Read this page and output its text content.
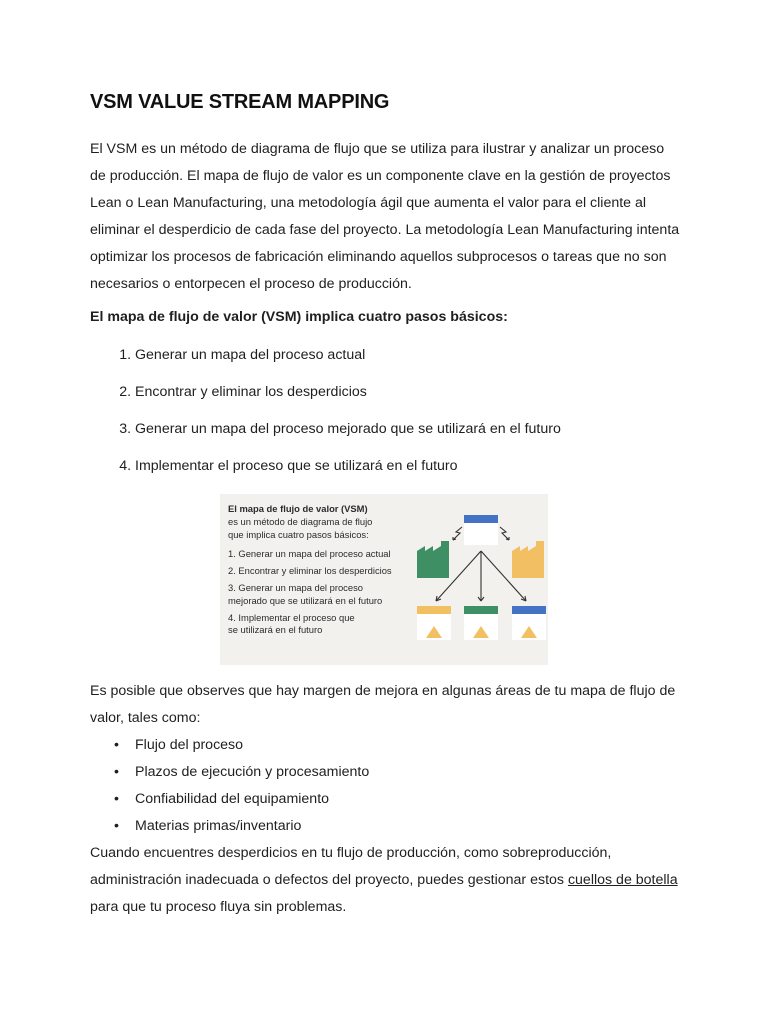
VSM VALUE STREAM MAPPING

El VSM es un método de diagrama de flujo que se utiliza para ilustrar y analizar un proceso de producción. El mapa de flujo de valor es un componente clave en la gestión de proyectos Lean o Lean Manufacturing, una metodología ágil que aumenta el valor para el cliente al eliminar el desperdicio de cada fase del proyecto. La metodología Lean Manufacturing intenta optimizar los procesos de fabricación eliminando aquellos subprocesos o tareas que no son necesarios o entorpecen el proceso de producción.

El mapa de flujo de valor (VSM) implica cuatro pasos básicos:

1. Generar un mapa del proceso actual
2. Encontrar y eliminar los desperdicios
3. Generar un mapa del proceso mejorado que se utilizará en el futuro
4. Implementar el proceso que se utilizará en el futuro
El mapa de flujo de valor (VSM)
es un método de diagrama de flujo
que implica cuatro pasos básicos:
1. Generar un mapa del proceso actual
2. Encontrar y eliminar los desperdicios
3. Generar un mapa del proceso
mejorado que se utilizará en el futuro
4. Implementar el proceso que
se utilizará en el futuro

Es posible que observes que hay margen de mejora en algunas áreas de tu mapa de flujo de valor, tales como:

•	Flujo del proceso
•	Plazos de ejecución y procesamiento
•	Confiabilidad del equipamiento
•	Materias primas/inventario

Cuando encuentres desperdicios en tu flujo de producción, como sobreproducción, administración inadecuada o defectos del proyecto, puedes gestionar estos cuellos de botella para que tu proceso fluya sin problemas.
